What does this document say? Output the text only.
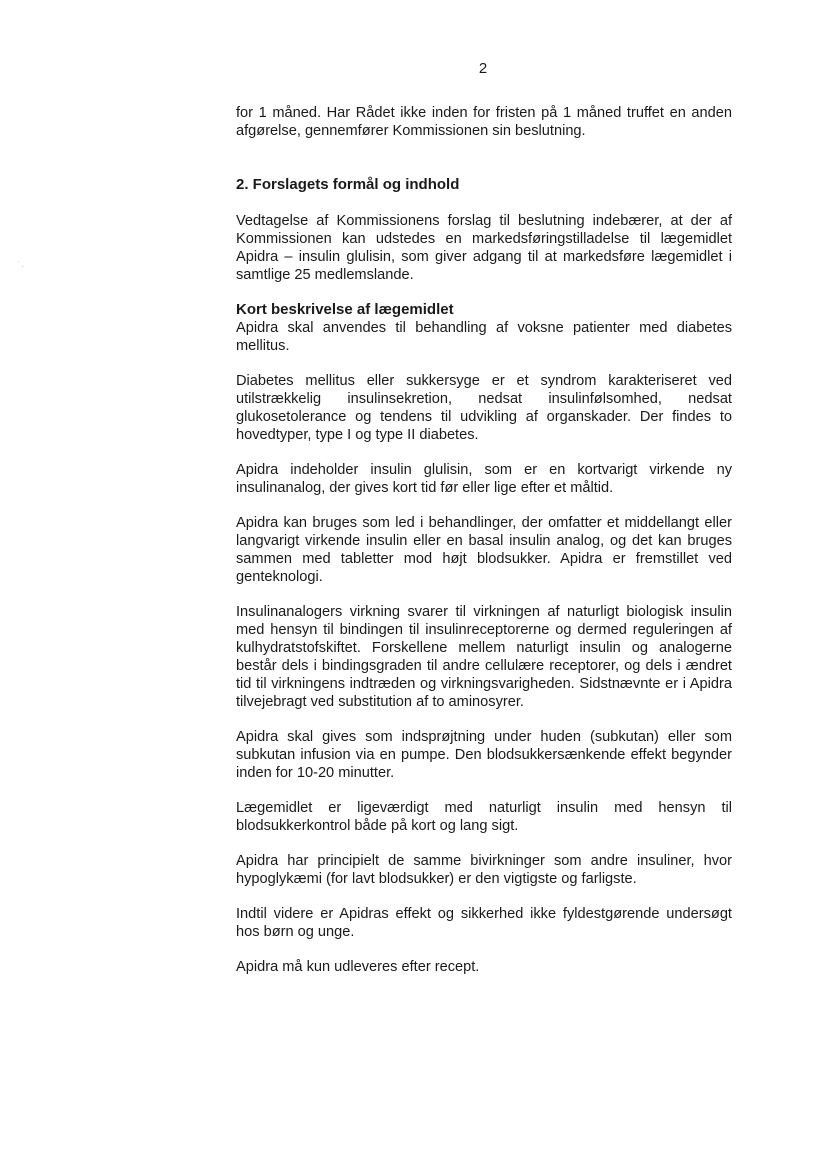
2
˙ ˯

for 1 måned. Har Rådet ikke inden for fristen på 1 måned truffet en anden afgørelse, gennemfører Kommissionen sin beslutning.

2. Forslagets formål og indhold

Vedtagelse af Kommissionens forslag til beslutning indebærer, at der af Kommissionen kan udstedes en markedsføringstilladelse til lægemidlet Apidra – insulin glulisin, som giver adgang til at markedsføre lægemidlet i samtlige 25 medlemslande.

Kort beskrivelse af lægemidlet

Apidra skal anvendes til behandling af voksne patienter med diabetes mellitus.

Diabetes mellitus eller sukkersyge er et syndrom karakteriseret ved utilstrækkelig insulinsekretion, nedsat insulinfølsomhed, nedsat glukosetolerance og tendens til udvikling af organskader. Der findes to hovedtyper, type I og type II diabetes.

Apidra indeholder insulin glulisin, som er en kortvarigt virkende ny insulinanalog, der gives kort tid før eller lige efter et måltid.

Apidra kan bruges som led i behandlinger, der omfatter et middellangt eller langvarigt virkende insulin eller en basal insulin analog, og det kan bruges sammen med tabletter mod højt blodsukker. Apidra er fremstillet ved genteknologi.

Insulinanalogers virkning svarer til virkningen af naturligt biologisk insulin med hensyn til bindingen til insulinreceptorerne og dermed reguleringen af kulhydratstofskiftet. Forskellene mellem naturligt insulin og analogerne består dels i bindingsgraden til andre cellulære receptorer, og dels i ændret tid til virkningens indtræden og virkningsvarigheden. Sidstnævnte er i Apidra tilvejebragt ved substitution af to aminosyrer.

Apidra skal gives som indsprøjtning under huden (subkutan) eller som subkutan infusion via en pumpe. Den blodsukkersænkende effekt begynder inden for 10-20 minutter.

Lægemidlet er ligeværdigt med naturligt insulin med hensyn til blodsukkerkontrol både på kort og lang sigt.

Apidra har principielt de samme bivirkninger som andre insuliner, hvor hypoglykæmi (for lavt blodsukker) er den vigtigste og farligste.

Indtil videre er Apidras effekt og sikkerhed ikke fyldestgørende undersøgt hos børn og unge.

Apidra må kun udleveres efter recept.
